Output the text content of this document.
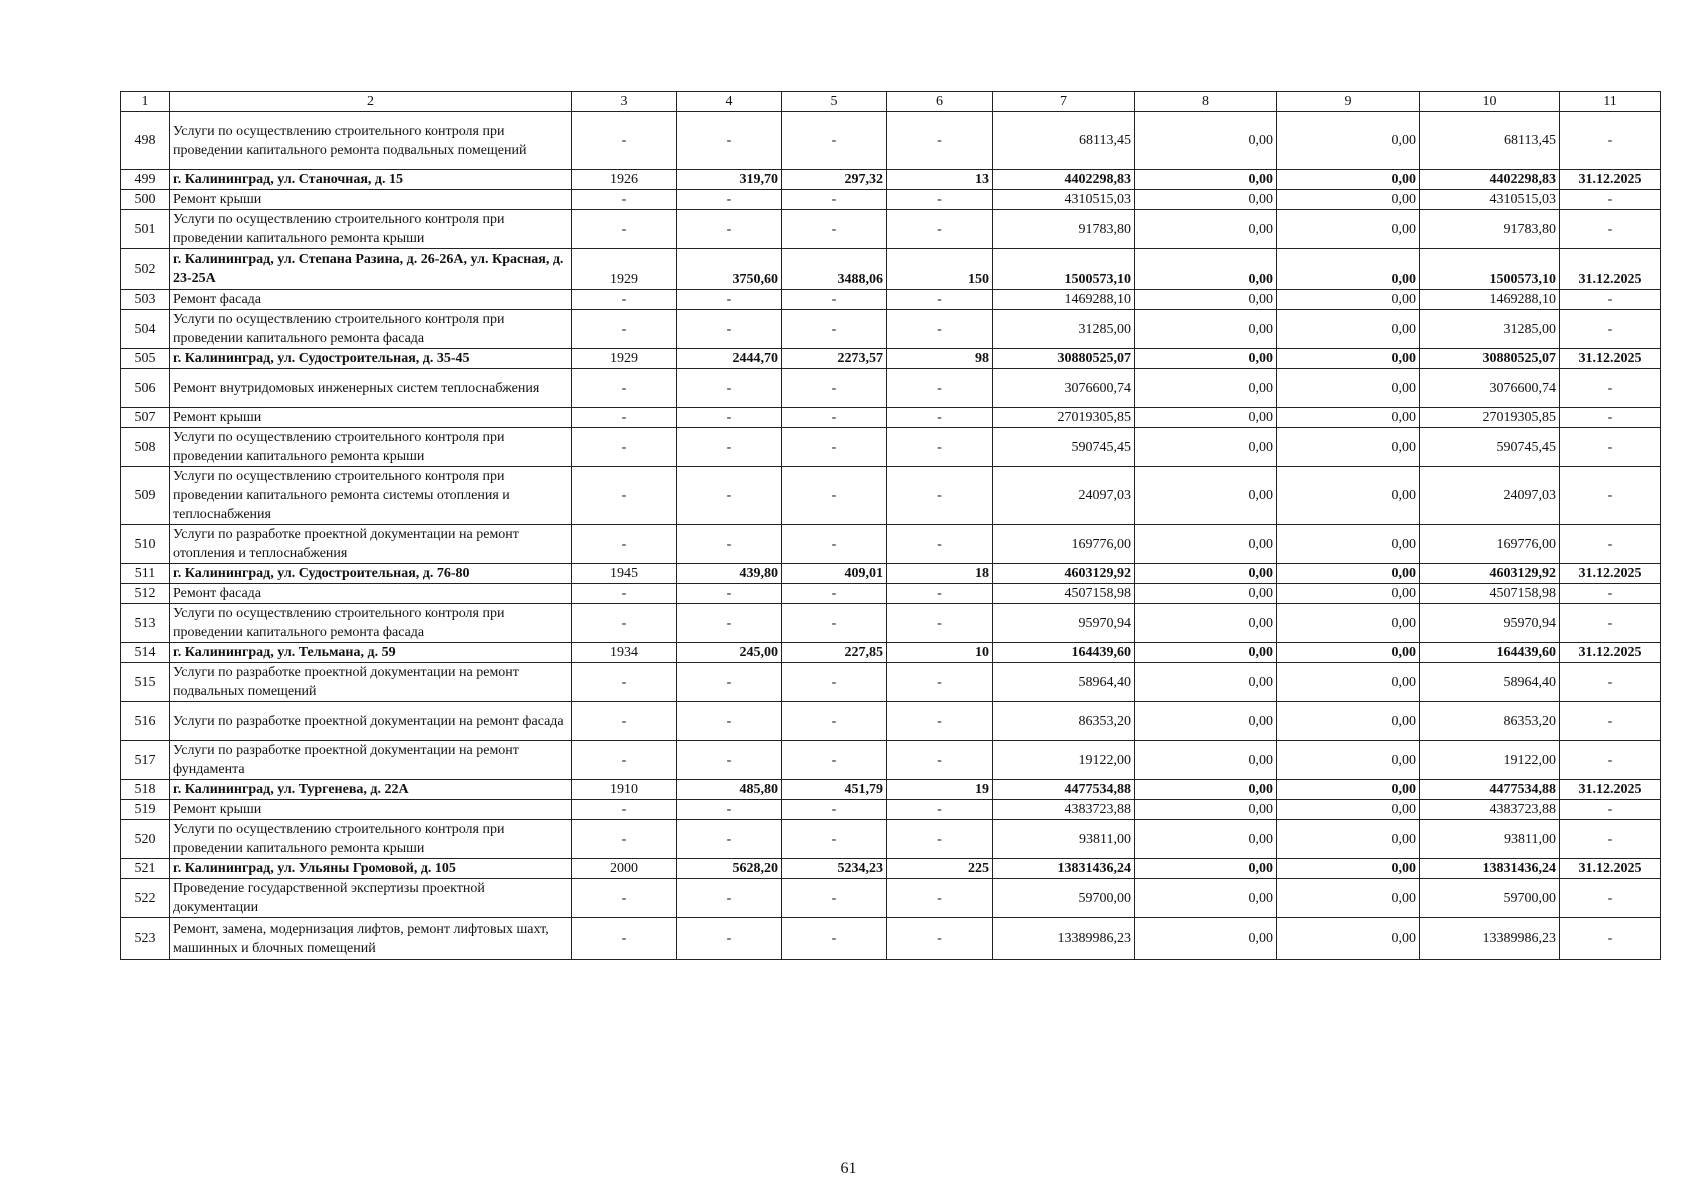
1	2	3	4	5	6	7	8	9	10	11
498	Услуги по осуществлению строительного контроля при проведении капитального ремонта подвальных помещений	-	-	-	-	68113,45	0,00	0,00	68113,45	-
499	г. Калининград, ул. Станочная, д. 15	1926	319,70	297,32	13	4402298,83	0,00	0,00	4402298,83	31.12.2025
500	Ремонт крыши	-	-	-	-	4310515,03	0,00	0,00	4310515,03	-
501	Услуги по осуществлению строительного контроля при проведении капитального ремонта крыши	-	-	-	-	91783,80	0,00	0,00	91783,80	-
502	г. Калининград, ул. Степана Разина, д. 26-26А, ул. Красная, д. 23-25А	1929	3750,60	3488,06	150	1500573,10	0,00	0,00	1500573,10	31.12.2025
503	Ремонт фасада	-	-	-	-	1469288,10	0,00	0,00	1469288,10	-
504	Услуги по осуществлению строительного контроля при проведении капитального ремонта фасада	-	-	-	-	31285,00	0,00	0,00	31285,00	-
505	г. Калининград, ул. Судостроительная, д. 35-45	1929	2444,70	2273,57	98	30880525,07	0,00	0,00	30880525,07	31.12.2025
506	Ремонт внутридомовых инженерных систем теплоснабжения	-	-	-	-	3076600,74	0,00	0,00	3076600,74	-
507	Ремонт крыши	-	-	-	-	27019305,85	0,00	0,00	27019305,85	-
508	Услуги по осуществлению строительного контроля при проведении капитального ремонта крыши	-	-	-	-	590745,45	0,00	0,00	590745,45	-
509	Услуги по осуществлению строительного контроля при проведении капитального ремонта системы отопления и теплоснабжения	-	-	-	-	24097,03	0,00	0,00	24097,03	-
510	Услуги по разработке проектной документации на ремонт отопления и теплоснабжения	-	-	-	-	169776,00	0,00	0,00	169776,00	-
511	г. Калининград, ул. Судостроительная, д. 76-80	1945	439,80	409,01	18	4603129,92	0,00	0,00	4603129,92	31.12.2025
512	Ремонт фасада	-	-	-	-	4507158,98	0,00	0,00	4507158,98	-
513	Услуги по осуществлению строительного контроля при проведении капитального ремонта фасада	-	-	-	-	95970,94	0,00	0,00	95970,94	-
514	г. Калининград, ул. Тельмана, д. 59	1934	245,00	227,85	10	164439,60	0,00	0,00	164439,60	31.12.2025
515	Услуги по разработке проектной документации на ремонт подвальных помещений	-	-	-	-	58964,40	0,00	0,00	58964,40	-
516	Услуги по разработке проектной документации на ремонт фасада	-	-	-	-	86353,20	0,00	0,00	86353,20	-
517	Услуги по разработке проектной документации на ремонт фундамента	-	-	-	-	19122,00	0,00	0,00	19122,00	-
518	г. Калининград, ул. Тургенева, д. 22А	1910	485,80	451,79	19	4477534,88	0,00	0,00	4477534,88	31.12.2025
519	Ремонт крыши	-	-	-	-	4383723,88	0,00	0,00	4383723,88	-
520	Услуги по осуществлению строительного контроля при проведении капитального ремонта крыши	-	-	-	-	93811,00	0,00	0,00	93811,00	-
521	г. Калининград, ул. Ульяны Громовой, д. 105	2000	5628,20	5234,23	225	13831436,24	0,00	0,00	13831436,24	31.12.2025
522	Проведение государственной экспертизы проектной документации	-	-	-	-	59700,00	0,00	0,00	59700,00	-
523	Ремонт, замена, модернизация лифтов, ремонт лифтовых шахт, машинных и блочных помещений	-	-	-	-	13389986,23	0,00	0,00	13389986,23	-
61
